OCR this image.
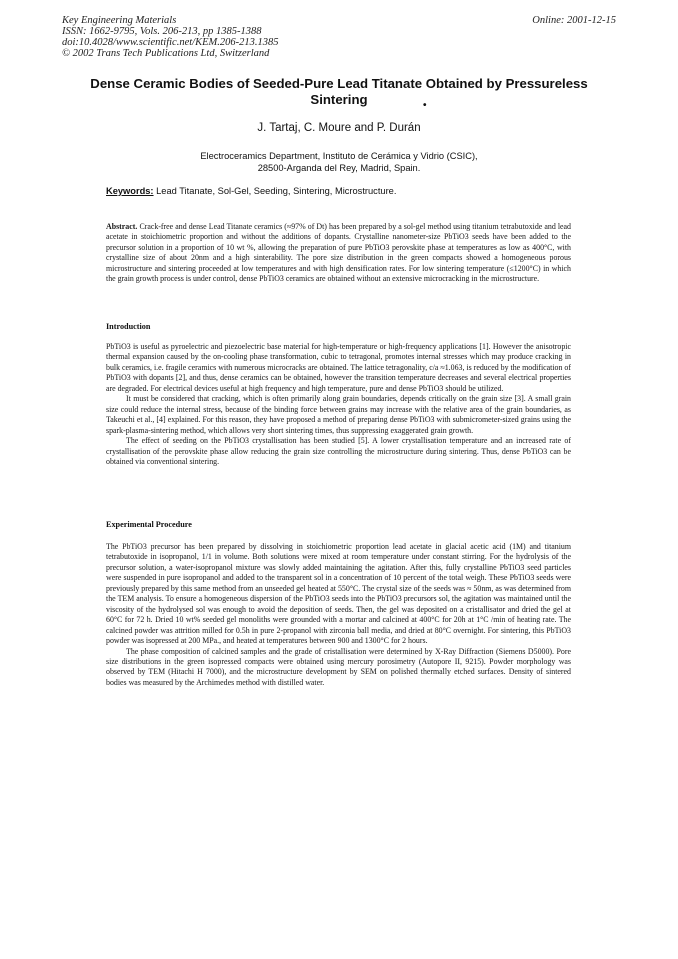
Key Engineering Materials
ISSN: 1662-9795, Vols. 206-213, pp 1385-1388
doi:10.4028/www.scientific.net/KEM.206-213.1385
© 2002 Trans Tech Publications Ltd, Switzerland
Online: 2001-12-15
Dense Ceramic Bodies of Seeded-Pure Lead Titanate Obtained by Pressureless Sintering	•
J. Tartaj, C. Moure and P. Durán
Electroceramics Department, Instituto de Cerámica y Vidrio (CSIC),
28500-Arganda del Rey, Madrid, Spain.
Keywords: Lead Titanate, Sol-Gel, Seeding, Sintering, Microstructure.

Abstract. Crack-free and dense Lead Titanate ceramics (≈97% of Dt) has been prepared by a sol-gel method using titanium tetrabutoxide and lead acetate in stoichiometric proportion and without the additions of dopants. Crystalline nanometer-size PbTiO3 seeds have been added to the precursor solution in a proportion of 10 wt %, allowing the preparation of pure PbTiO3 perovskite phase at temperatures as low as 400°C, with crystalline size of about 20nm and a high sinterability. The pore size distribution in the green compacts showed a homogeneous porous microstructure and sintering proceeded at low temperatures and with high densification rates. For low sintering temperature (≤1200°C) in which the grain growth process is under control, dense PbTiO3 ceramics are obtained without an extensive microcracking in the microstructure.

Introduction

PbTiO3 is useful as pyroelectric and piezoelectric base material for high-temperature or high-frequency applications [1]. However the anisotropic thermal expansion caused by the on-cooling phase transformation, cubic to tetragonal, promotes internal stresses which may produce cracking in bulk ceramics, i.e. fragile ceramics with numerous microcracks are obtained. The lattice tetragonality, c/a ≈1.063, is reduced by the modification of PbTiO3 with dopants [2], and thus, dense ceramics can be obtained, however the transition temperature decreases and several electrical properties are degraded. For electrical devices useful at high frequency and high temperature, pure and dense PbTiO3 should be utilized.

It must be considered that cracking, which is often primarily along grain boundaries, depends critically on the grain size [3]. A small grain size could reduce the internal stress, because of the binding force between grains may increase with the relative area of the grain boundaries, as Takeuchi et al., [4] explained. For this reason, they have proposed a method of preparing dense PbTiO3 with submicrometer-sized grains using the spark-plasma-sintering method, which allows very short sintering times, thus suppressing exaggerated grain growth.

The effect of seeding on the PbTiO3 crystallisation has been studied [5]. A lower crystallisation temperature and an increased rate of crystallisation of the perovskite phase allow reducing the grain size controlling the microstructure during sintering. Thus, dense PbTiO3 can be obtained via conventional sintering.

Experimental Procedure

The PbTiO3 precursor has been prepared by dissolving in stoichiometric proportion lead acetate in glacial acetic acid (1M) and titanium tetrabutoxide in isopropanol, 1/1 in volume. Both solutions were mixed at room temperature under constant stirring. For the hydrolysis of the precursor solution, a water-isopropanol mixture was slowly added maintaining the agitation. After this, fully crystalline PbTiO3 seed particles were suspended in pure isopropanol and added to the transparent sol in a concentration of 10 percent of the total weigh. These PbTiO3 seeds were previously prepared by this same method from an unseeded gel heated at 550°C. The crystal size of the seeds was ≈ 50nm, as was determined from the TEM analysis. To ensure a homogeneous dispersion of the PbTiO3 seeds into the PbTiO3 precursors sol, the agitation was maintained until the viscosity of the hydrolysed sol was enough to avoid the deposition of seeds. Then, the gel was deposited on a cristallisator and dried the gel at 60°C for 72 h. Dried 10 wt% seeded gel monoliths were grounded with a mortar and calcined at 400°C for 20h at 1°C /min of heating rate. The calcined powder was attrition milled for 0.5h in pure 2-propanol with zirconia ball media, and dried at 80°C overnight. For sintering, this PbTiO3 powder was isopressed at 200 MPa., and heated at temperatures between 900 and 1300°C for 2 hours.

The phase composition of calcined samples and the grade of cristallisation were determined by X-Ray Diffraction (Siemens D5000). Pore size distributions in the green isopressed compacts were obtained using mercury porosimetry (Autopore II, 9215). Powder morphology was observed by TEM (Hitachi H 7000), and the microstructure development by SEM on polished thermally etched surfaces. Density of sintered bodies was measured by the Archimedes method with distilled water.
